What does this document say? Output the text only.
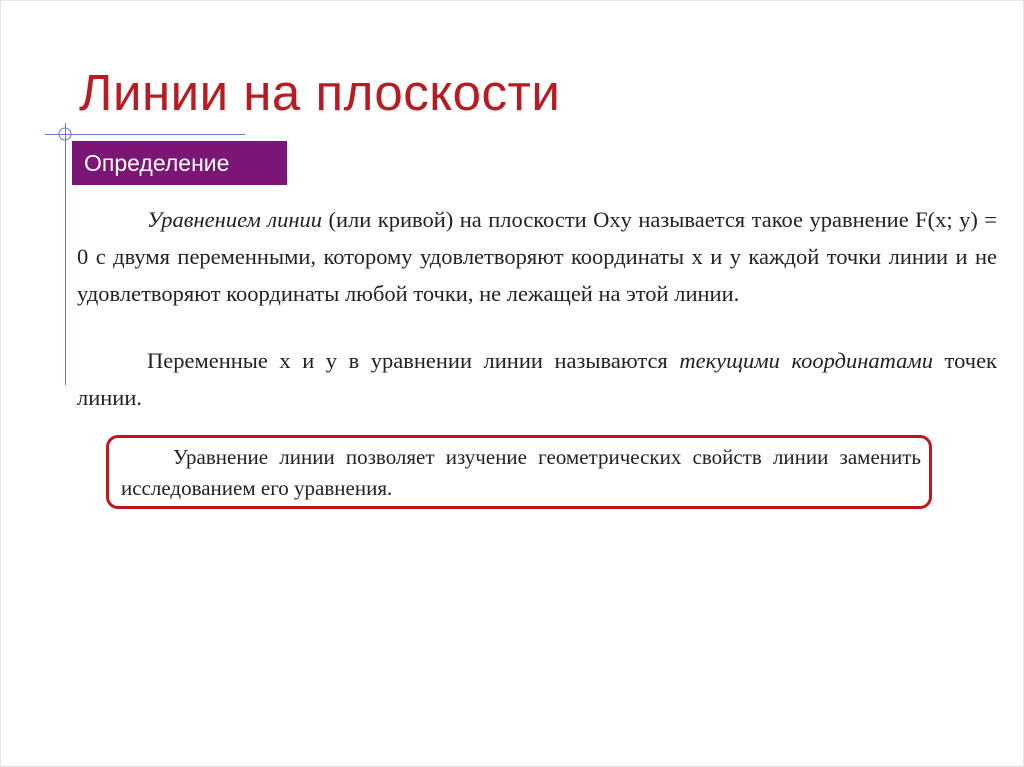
Линии на плоскости
Определение
Уравнением линии (или кривой) на плоскости Oxy называется такое уравнение F(x; y) = 0 с двумя переменными, которому удовлетворяют координаты x и y каждой точки линии и не удовлетворяют координаты любой точки, не лежащей на этой линии.
Переменные x и y в уравнении линии называются текущими координатами точек линии.
Уравнение линии позволяет изучение геометрических свойств линии заменить исследованием его уравнения.
